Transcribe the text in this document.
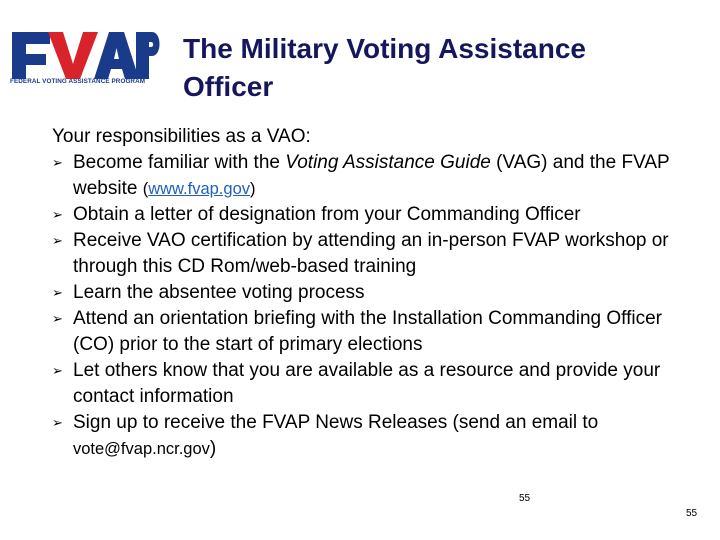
FEDERAL VOTING ASSISTANCE PROGRAM
The Military Voting Assistance Officer
Your responsibilities as a VAO:
➢ Become familiar with the Voting Assistance Guide (VAG) and the FVAP website (www.fvap.gov)
➢ Obtain a letter of designation from your Commanding Officer
➢ Receive VAO certification by attending an in-person FVAP workshop or through this CD Rom/web-based training
➢ Learn the absentee voting process
➢ Attend an orientation briefing with the Installation Commanding Officer (CO) prior to the start of primary elections
➢ Let others know that you are available as a resource and provide your contact information
➢ Sign up to receive the FVAP News Releases (send an email to vote@fvap.ncr.gov)
55
55
